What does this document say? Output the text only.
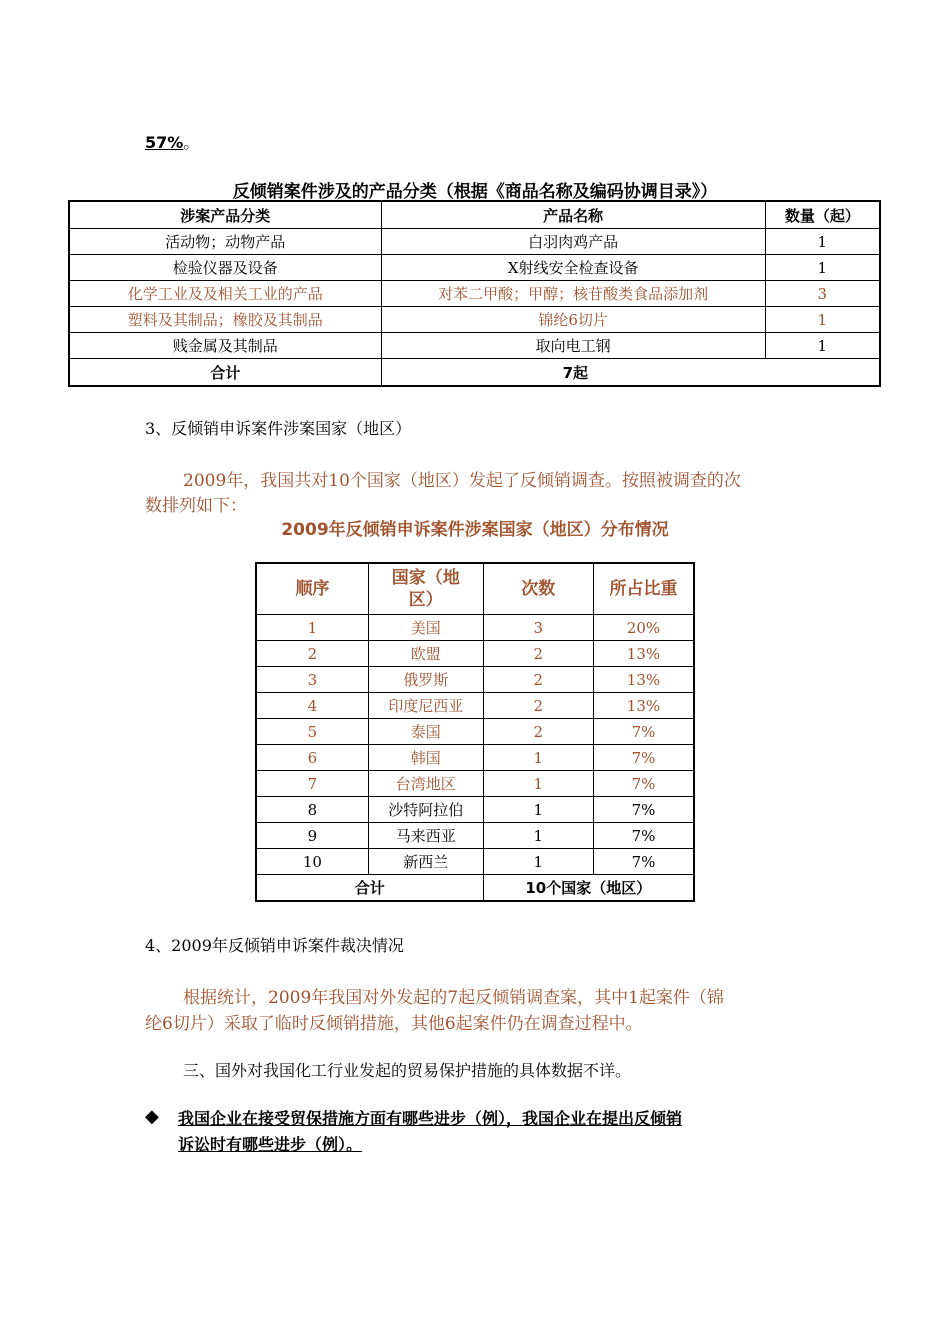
57%。
反倾销案件涉及的产品分类（根据《商品名称及编码协调目录》）
涉案产品分类	产品名称	数量（起）
活动物；动物产品	白羽肉鸡产品	1
检验仪器及设备	X射线安全检查设备	1
化学工业及及相关工业的产品	对苯二甲酸；甲醇；核苷酸类食品添加剂	3
塑料及其制品；橡胶及其制品	锦纶6切片	1
贱金属及其制品	取向电工钢	1
合计	7起	
3、反倾销申诉案件涉案国家（地区）
2009年，我国共对10个国家（地区）发起了反倾销调查。按照被调查的次
数排列如下：
2009年反倾销申诉案件涉案国家（地区）分布情况
顺序	国家（地区）	次数	所占比重
1	美国	3	20%
2	欧盟	2	13%
3	俄罗斯	2	13%
4	印度尼西亚	2	13%
5	泰国	2	7%
6	韩国	1	7%
7	台湾地区	1	7%
8	沙特阿拉伯	1	7%
9	马来西亚	1	7%
10	新西兰	1	7%
合计		10个国家（地区）	
4、2009年反倾销申诉案件裁决情况
根据统计，2009年我国对外发起的7起反倾销调查案，其中1起案件（锦
纶6切片）采取了临时反倾销措施，其他6起案件仍在调查过程中。
三、国外对我国化工行业发起的贸易保护措施的具体数据不详。
◆ 我国企业在接受贸保措施方面有哪些进步（例），我国企业在提出反倾销
诉讼时有哪些进步（例）。
